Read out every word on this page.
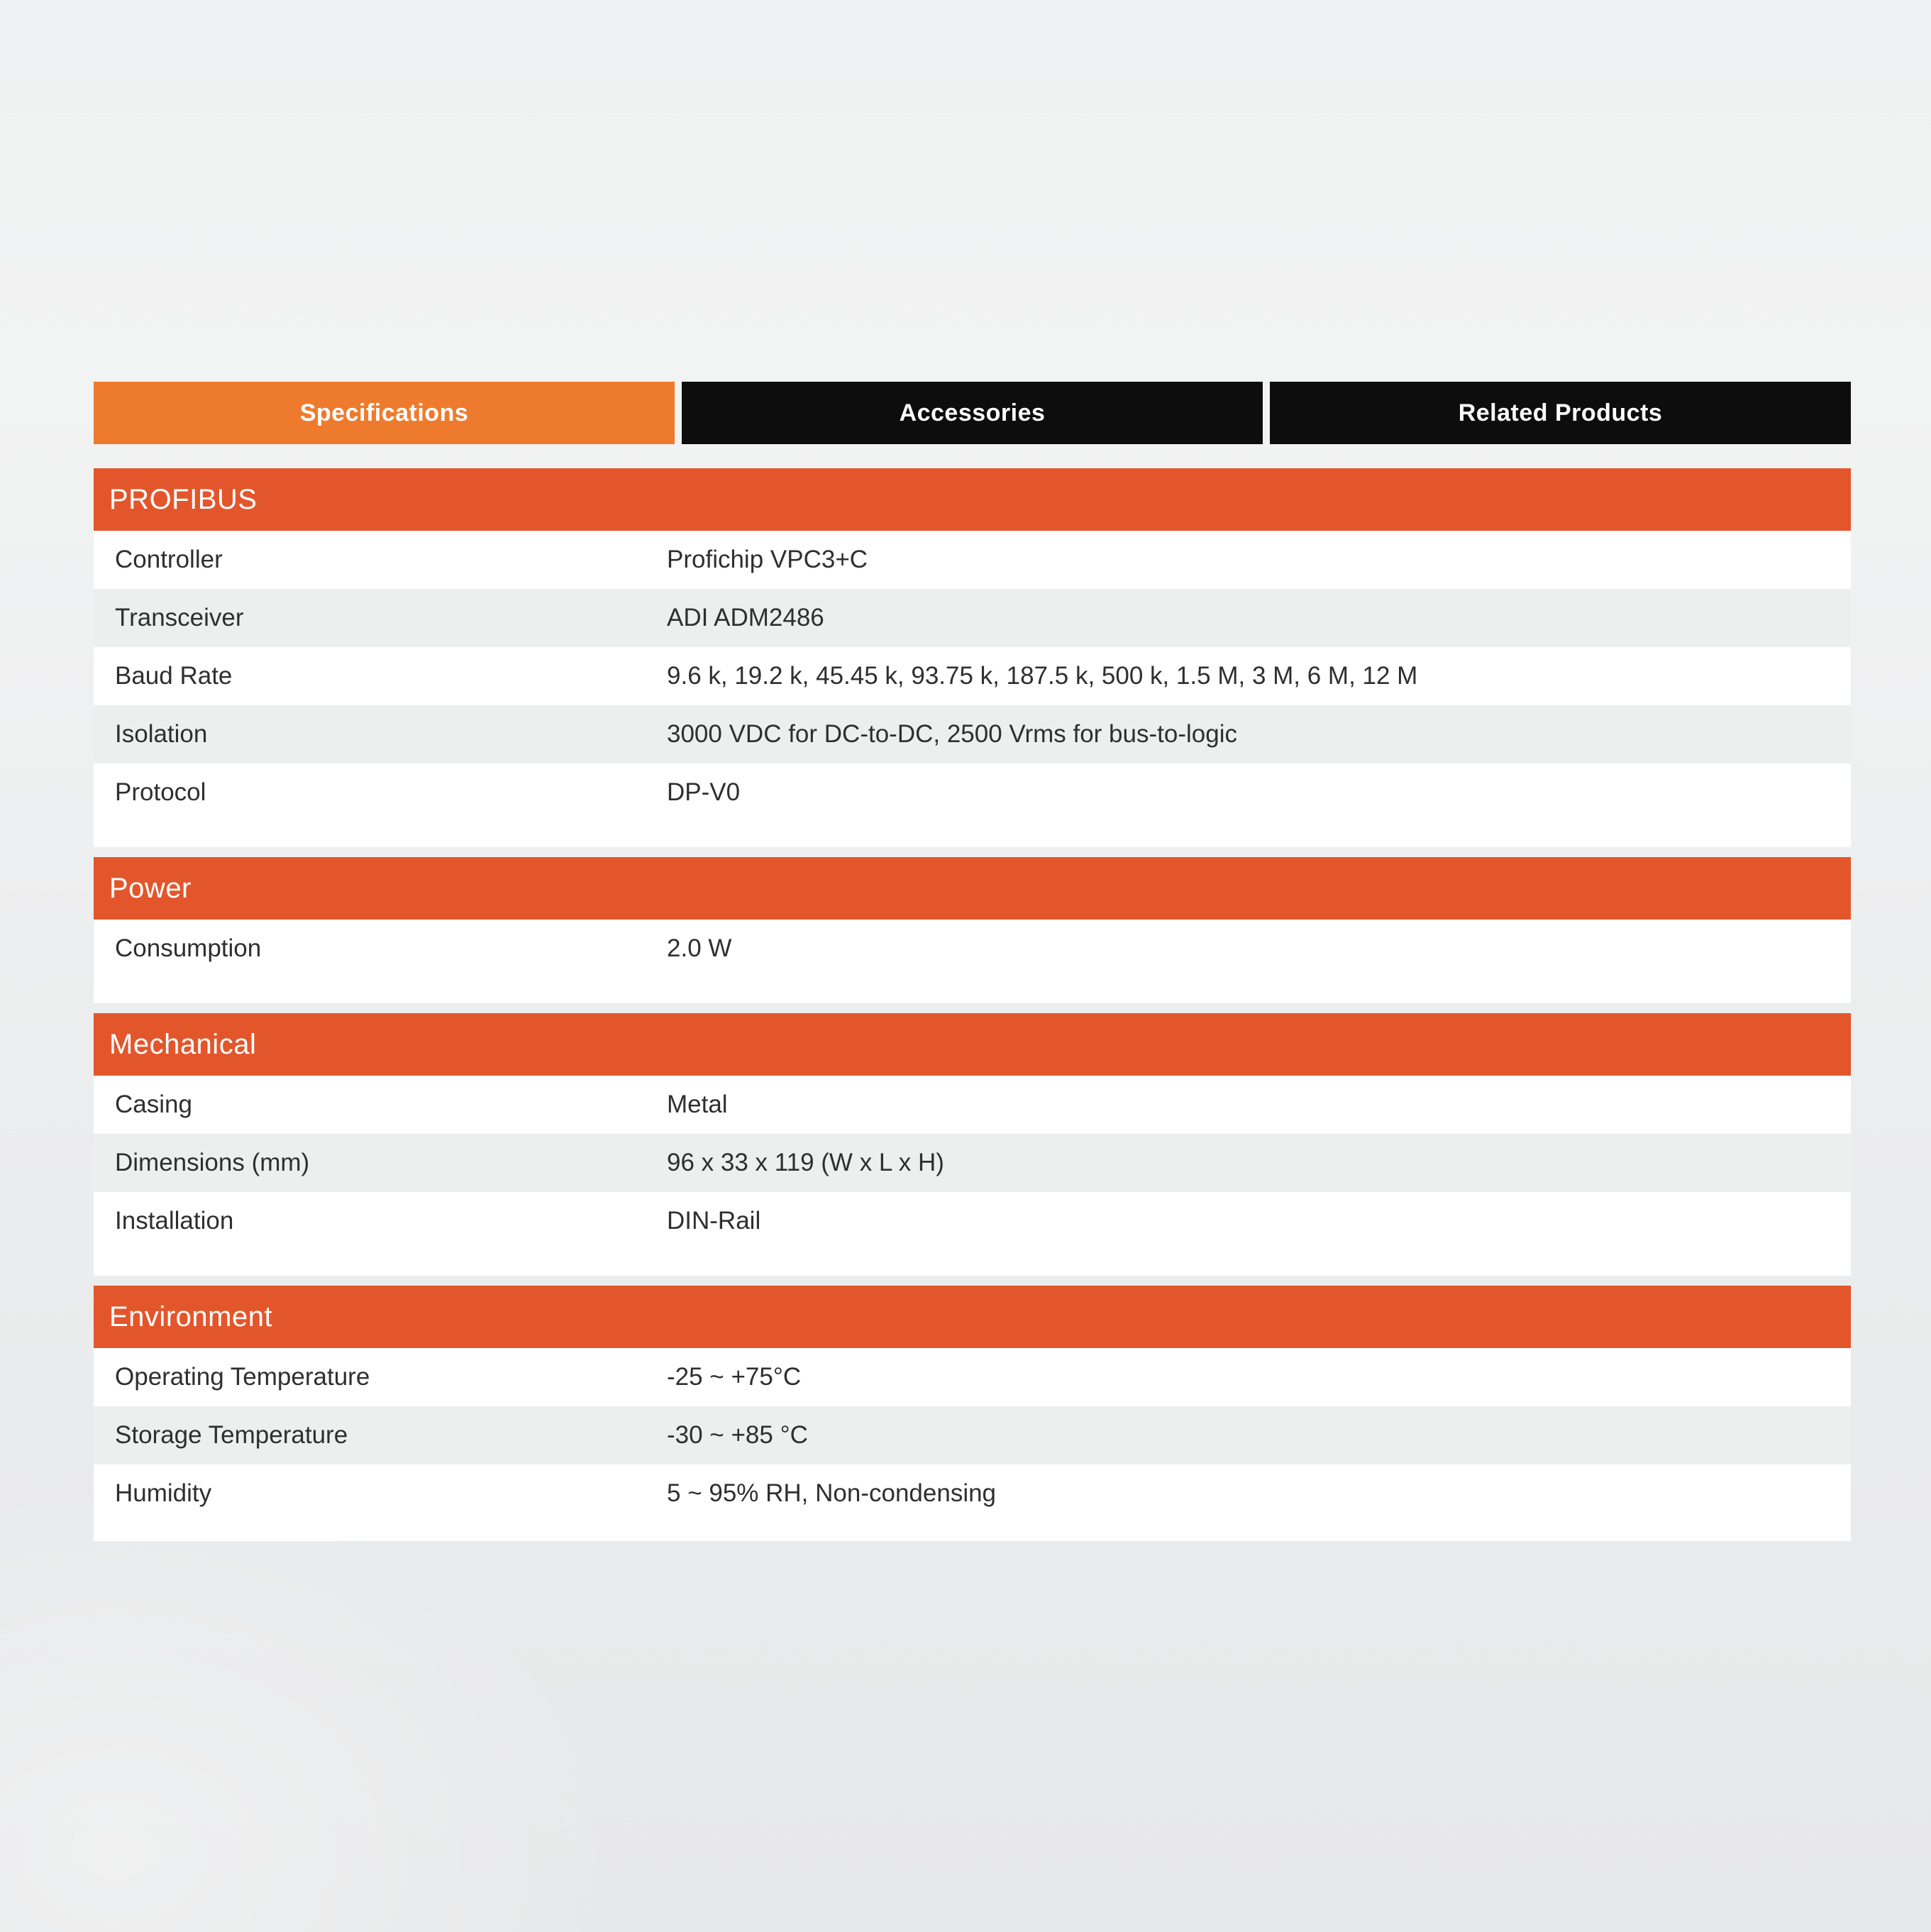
Specifications	Accessories	Related Products
PROFIBUS
Controller	Profichip VPC3+C
Transceiver	ADI ADM2486
Baud Rate	9.6 k, 19.2 k, 45.45 k, 93.75 k, 187.5 k, 500 k, 1.5 M, 3 M, 6 M, 12 M
Isolation	3000 VDC for DC-to-DC, 2500 Vrms for bus-to-logic
Protocol	DP-V0
Power
Consumption	2.0 W
Mechanical
Casing	Metal
Dimensions (mm)	96 x 33 x 119 (W x L x H)
Installation	DIN-Rail
Environment
Operating Temperature	-25 ~ +75°C
Storage Temperature	-30 ~ +85 °C
Humidity	5 ~ 95% RH, Non-condensing
